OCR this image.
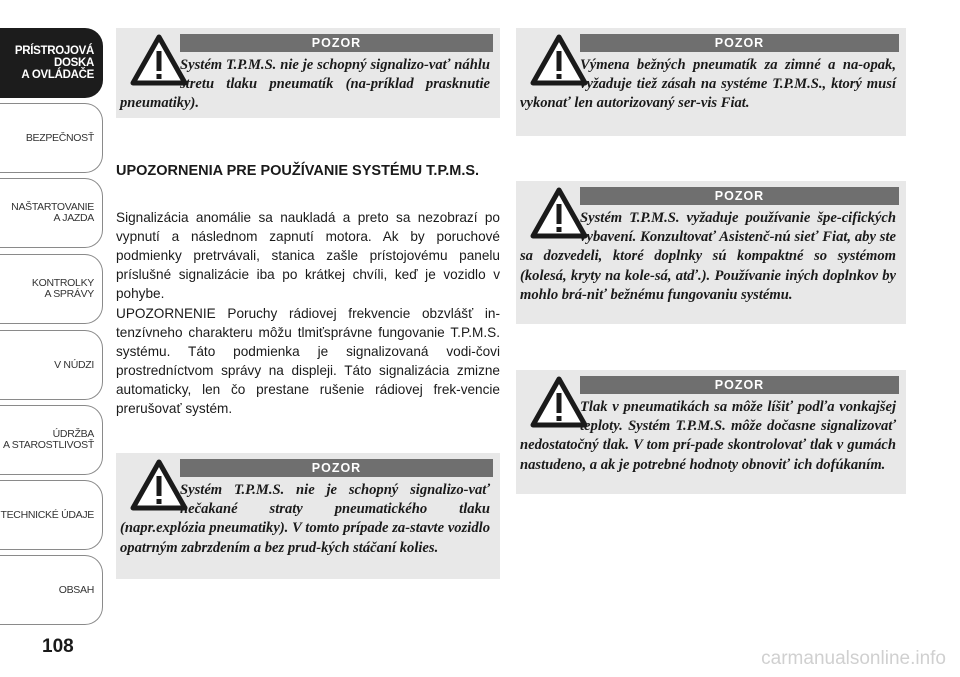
PRÍSTROJOVÁ
DOSKA
A OVLÁDAČE
BEZPEČNOSŤ
NAŠTARTOVANIE
A JAZDA
KONTROLKY
A SPRÁVY
V NÚDZI
ÚDRŽBA
A STAROSTLIVOSŤ
TECHNICKÉ ÚDAJE
OBSAH
108
POZOR

Systém T.P.M.S. nie je schopný signalizo-vať náhlu stretu tlaku pneumatík (na-príklad prasknutie pneumatiky).

UPOZORNENIA PRE POUŽÍVANIE SYSTÉMU T.P.M.S.

Signalizácia anomálie sa naukladá a preto sa nezobrazí po vypnutí a následnom zapnutí motora. Ak by poruchové podmienky pretrvávali, stanica zašle prístojovému panelu príslušné signalizácie iba po krátkej chvíli, keď je vozidlo v pohybe.

UPOZORNENIE Poruchy rádiovej frekvencie obzvlášť in-tenzívneho charakteru môžu tlmiťsprávne fungovanie T.P.M.S. systému. Táto podmienka je signalizovaná vodi-čovi prostredníctvom správy na displeji. Táto signalizácia zmizne automaticky, len čo prestane rušenie rádiovej frek-vencie prerušovať systém.

POZOR

Systém T.P.M.S. nie je schopný signalizo-vať nečakané straty pneumatického tlaku (napr.explózia pneumatiky). V tomto prípade za-stavte vozidlo opatrným zabrzdením a bez prud-kých stáčaní kolies.

POZOR

Výmena bežných pneumatík za zimné a na-opak, vyžaduje tiež zásah na systéme T.P.M.S., ktorý musí vykonať len autorizovaný ser-vis Fiat.

POZOR

Systém T.P.M.S. vyžaduje používanie špe-cifických vybavení. Konzultovať Asistenč-nú sieť Fiat, aby ste sa dozvedeli, ktoré doplnky sú kompaktné so systémom (kolesá, kryty na kole-sá, atď.). Používanie iných doplnkov by mohlo brá-niť bežnému fungovaniu systému.

POZOR

Tlak v pneumatikách sa môže líšiť podľa vonkajšej teploty. Systém T.P.M.S. môže dočasne signalizovať nedostatočný tlak. V tom prí-pade skontrolovať tlak v gumách nastudeno, a ak je potrebné hodnoty obnoviť ich dofúkaním.

carmanualsonline.info
